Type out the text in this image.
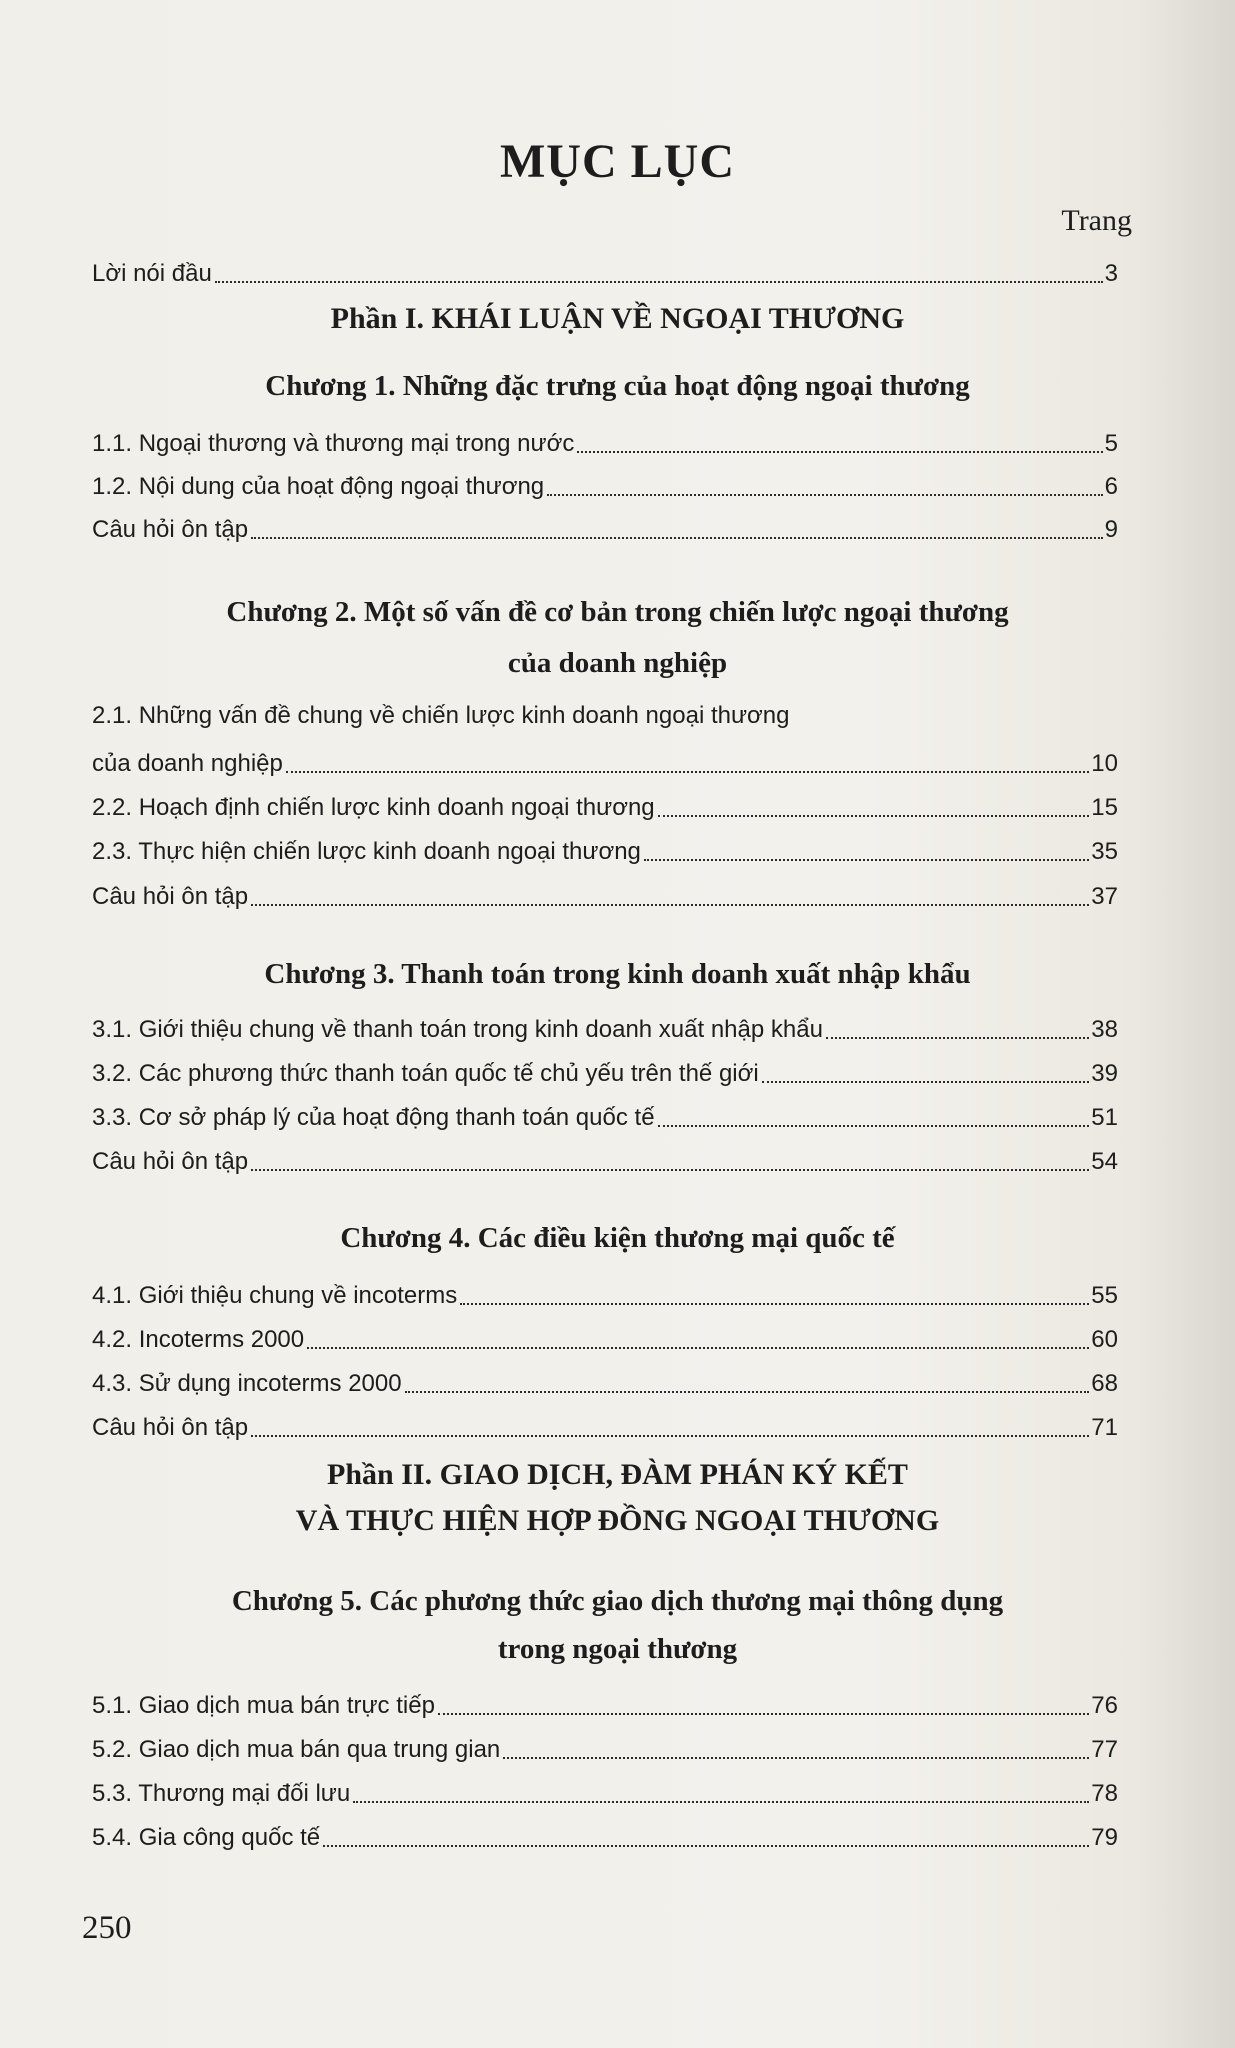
MỤC LỤC
Trang
Lời nói đầu	3
Phần I. KHÁI LUẬN VỀ NGOẠI THƯƠNG
Chương 1. Những đặc trưng của hoạt động ngoại thương
1.1. Ngoại thương và thương mại trong nước	5
1.2. Nội dung của hoạt động ngoại thương	6
Câu hỏi ôn tập	9
Chương 2. Một số vấn đề cơ bản trong chiến lược ngoại thương
của doanh nghiệp
2.1. Những vấn đề chung về chiến lược kinh doanh ngoại thương
của doanh nghiệp	10
2.2. Hoạch định chiến lược kinh doanh ngoại thương	15
2.3. Thực hiện chiến lược kinh doanh ngoại thương	35
Câu hỏi ôn tập	37
Chương 3. Thanh toán trong kinh doanh xuất nhập khẩu
3.1. Giới thiệu chung về thanh toán trong kinh doanh xuất nhập khẩu	38
3.2. Các phương thức thanh toán quốc tế chủ yếu trên thế giới	39
3.3. Cơ sở pháp lý của hoạt động thanh toán quốc tế	51
Câu hỏi ôn tập	54
Chương 4. Các điều kiện thương mại quốc tế
4.1. Giới thiệu chung về incoterms	55
4.2. Incoterms 2000	60
4.3. Sử dụng incoterms 2000	68
Câu hỏi ôn tập	71
Phần II. GIAO DỊCH, ĐÀM PHÁN KÝ KẾT
VÀ THỰC HIỆN HỢP ĐỒNG NGOẠI THƯƠNG
Chương 5. Các phương thức giao dịch thương mại thông dụng
trong ngoại thương
5.1. Giao dịch mua bán trực tiếp	76
5.2. Giao dịch mua bán qua trung gian	77
5.3. Thương mại đối lưu	78
5.4. Gia công quốc tế	79
250
